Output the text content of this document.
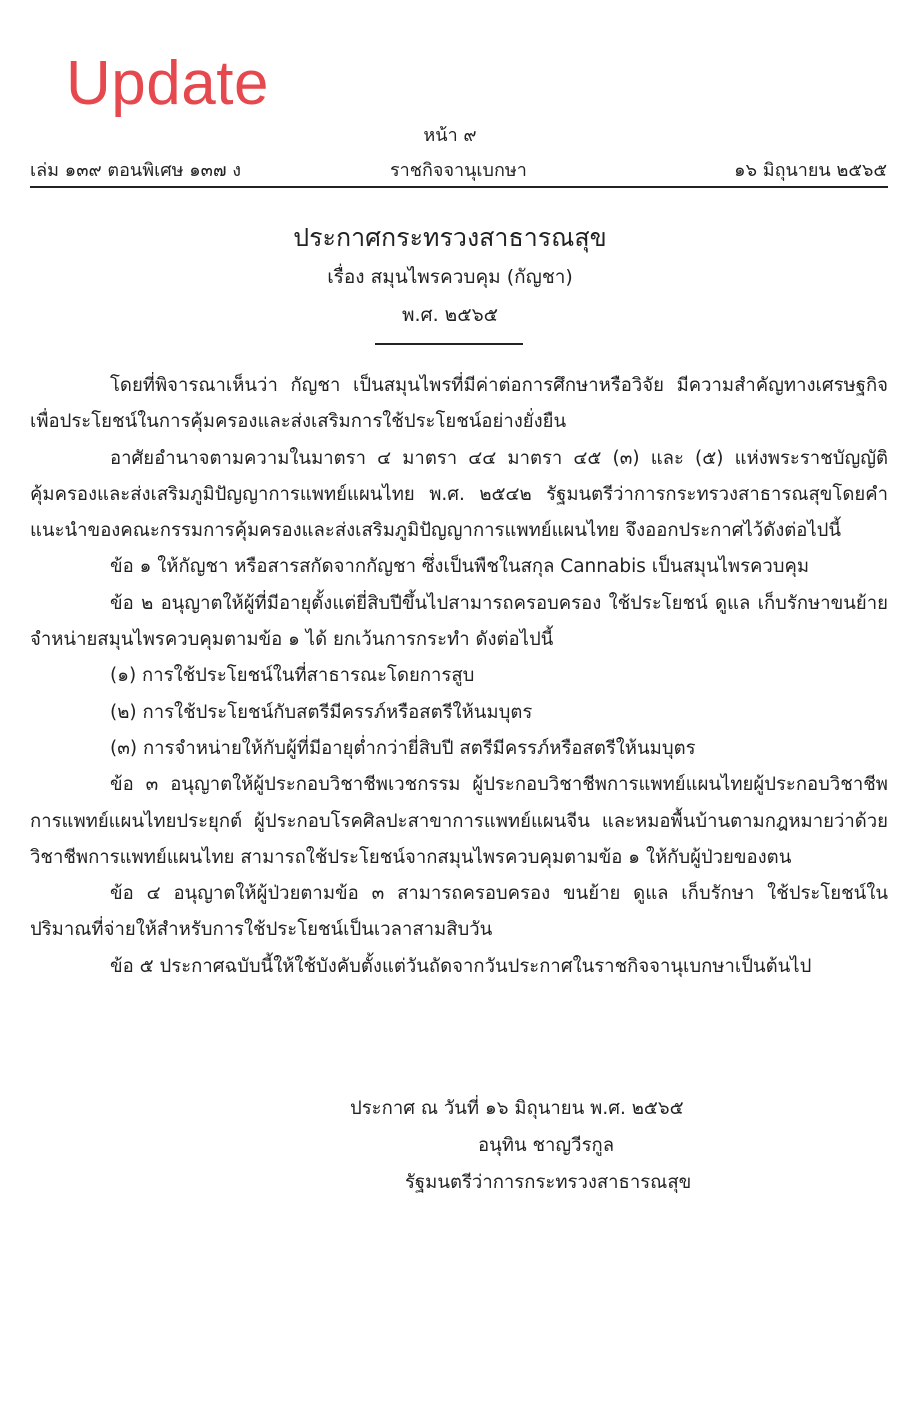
Update
หน้า ๙
เล่ม ๑๓๙ ตอนพิเศษ ๑๓๗ ง	ราชกิจจานุเบกษา	๑๖ มิถุนายน ๒๕๖๕
ประกาศกระทรวงสาธารณสุข
เรื่อง สมุนไพรควบคุม (กัญชา)
พ.ศ. ๒๕๖๕

โดยที่พิจารณาเห็นว่า กัญชา เป็นสมุนไพรที่มีค่าต่อการศึกษาหรือวิจัย มีความสำคัญทางเศรษฐกิจ เพื่อประโยชน์ในการคุ้มครองและส่งเสริมการใช้ประโยชน์อย่างยั่งยืน

อาศัยอำนาจตามความในมาตรา ๔ มาตรา ๔๔ มาตรา ๔๕ (๓) และ (๕) แห่งพระราชบัญญัติคุ้มครองและส่งเสริมภูมิปัญญาการแพทย์แผนไทย พ.ศ. ๒๕๔๒ รัฐมนตรีว่าการกระทรวงสาธารณสุขโดยคำแนะนำของคณะกรรมการคุ้มครองและส่งเสริมภูมิปัญญาการแพทย์แผนไทย จึงออกประกาศไว้ดังต่อไปนี้

ข้อ ๑ ให้กัญชา หรือสารสกัดจากกัญชา ซึ่งเป็นพืชในสกุล Cannabis เป็นสมุนไพรควบคุม

ข้อ ๒ อนุญาตให้ผู้ที่มีอายุตั้งแต่ยี่สิบปีขึ้นไปสามารถครอบครอง ใช้ประโยชน์ ดูแล เก็บรักษาขนย้าย จำหน่ายสมุนไพรควบคุมตามข้อ ๑ ได้ ยกเว้นการกระทำ ดังต่อไปนี้

(๑) การใช้ประโยชน์ในที่สาธารณะโดยการสูบ

(๒) การใช้ประโยชน์กับสตรีมีครรภ์หรือสตรีให้นมบุตร

(๓) การจำหน่ายให้กับผู้ที่มีอายุต่ำกว่ายี่สิบปี สตรีมีครรภ์หรือสตรีให้นมบุตร

ข้อ ๓ อนุญาตให้ผู้ประกอบวิชาชีพเวชกรรม ผู้ประกอบวิชาชีพการแพทย์แผนไทยผู้ประกอบวิชาชีพการแพทย์แผนไทยประยุกต์ ผู้ประกอบโรคศิลปะสาขาการแพทย์แผนจีน และหมอพื้นบ้านตามกฎหมายว่าด้วยวิชาชีพการแพทย์แผนไทย สามารถใช้ประโยชน์จากสมุนไพรควบคุมตามข้อ ๑ ให้กับผู้ป่วยของตน

ข้อ ๔ อนุญาตให้ผู้ป่วยตามข้อ ๓ สามารถครอบครอง ขนย้าย ดูแล เก็บรักษา ใช้ประโยชน์ในปริมาณที่จ่ายให้สำหรับการใช้ประโยชน์เป็นเวลาสามสิบวัน

ข้อ ๕ ประกาศฉบับนี้ให้ใช้บังคับตั้งแต่วันถัดจากวันประกาศในราชกิจจานุเบกษาเป็นต้นไป

ประกาศ ณ วันที่ ๑๖ มิถุนายน พ.ศ. ๒๕๖๕
อนุทิน ชาญวีรกูล
รัฐมนตรีว่าการกระทรวงสาธารณสุข
